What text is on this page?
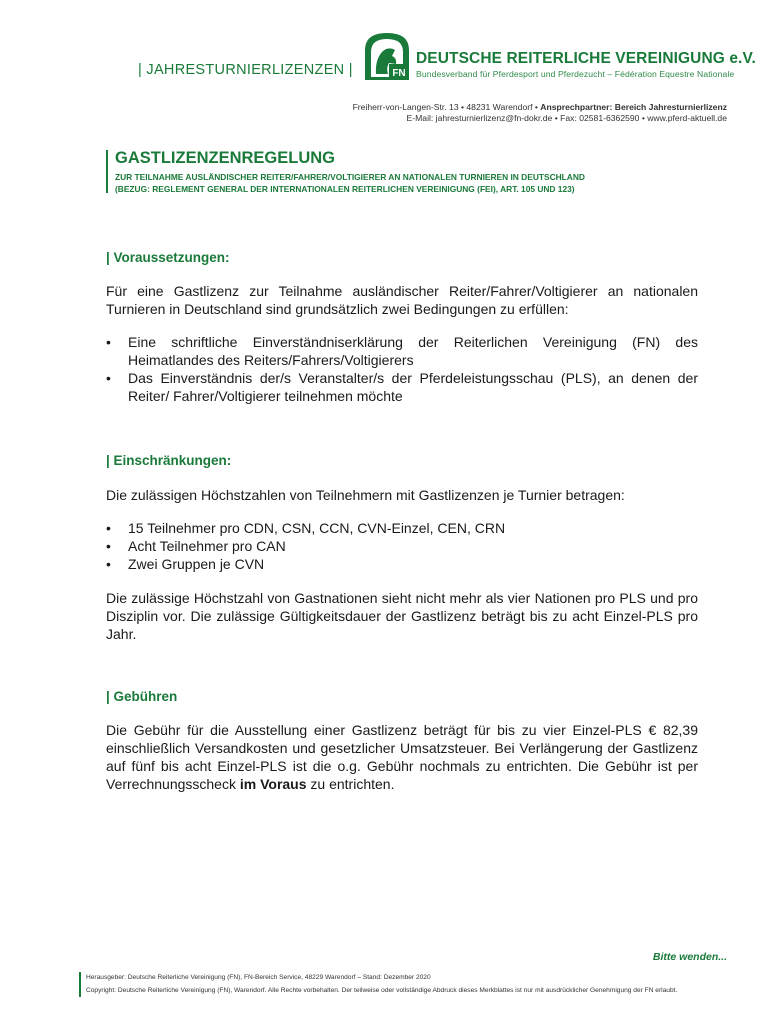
| JAHRESTURNIERLIZENZEN |	FN
DEUTSCHE REITERLICHE VEREINIGUNG e.V.
Bundesverband für Pferdesport und Pferdezucht – Fédération Equestre Nationale
Freiherr-von-Langen-Str. 13 • 48231 Warendorf • Ansprechpartner: Bereich Jahresturnierlizenz
E-Mail: jahresturnierlizenz@fn-dokr.de • Fax: 02581-6362590 • www.pferd-aktuell.de
GASTLIZENZENREGELUNG
ZUR TEILNAHME AUSLÄNDISCHER REITER/FAHRER/VOLTIGIERER AN NATIONALEN TURNIEREN IN DEUTSCHLAND
(BEZUG: REGLEMENT GENERAL DER INTERNATIONALEN REITERLICHEN VEREINIGUNG (FEI), ART. 105 UND 123)
| Voraussetzungen:
Für eine Gastlizenz zur Teilnahme ausländischer Reiter/Fahrer/Voltigierer an nationalen Turnieren in Deutschland sind grundsätzlich zwei Bedingungen zu erfüllen:
• Eine schriftliche Einverständniserklärung der Reiterlichen Vereinigung (FN) des Heimatlandes des Reiters/Fahrers/Voltigierers
• Das Einverständnis der/s Veranstalter/s der Pferdeleistungsschau (PLS), an denen der Reiter/ Fahrer/Voltigierer teilnehmen möchte
| Einschränkungen:
Die zulässigen Höchstzahlen von Teilnehmern mit Gastlizenzen je Turnier betragen:
• 15 Teilnehmer pro CDN, CSN, CCN, CVN-Einzel, CEN, CRN
• Acht Teilnehmer pro CAN
• Zwei Gruppen je CVN
Die zulässige Höchstzahl von Gastnationen sieht nicht mehr als vier Nationen pro PLS und pro Disziplin vor. Die zulässige Gültigkeitsdauer der Gastlizenz beträgt bis zu acht Einzel-PLS pro Jahr.
| Gebühren
Die Gebühr für die Ausstellung einer Gastlizenz beträgt für bis zu vier Einzel-PLS € 82,39 einschließlich Versandkosten und gesetzlicher Umsatzsteuer. Bei Verlängerung der Gastlizenz auf fünf bis acht Einzel-PLS ist die o.g. Gebühr nochmals zu entrichten. Die Gebühr ist per Verrechnungsscheck im Voraus zu entrichten.
Bitte wenden...
Herausgeber: Deutsche Reiterliche Vereinigung (FN), FN-Bereich Service, 48229 Warendorf – Stand: Dezember 2020
Copyright: Deutsche Reiterliche Vereinigung (FN), Warendorf. Alle Rechte vorbehalten. Der teilweise oder vollständige Abdruck dieses Merkblattes ist nur mit ausdrücklicher Genehmigung der FN erlaubt.
